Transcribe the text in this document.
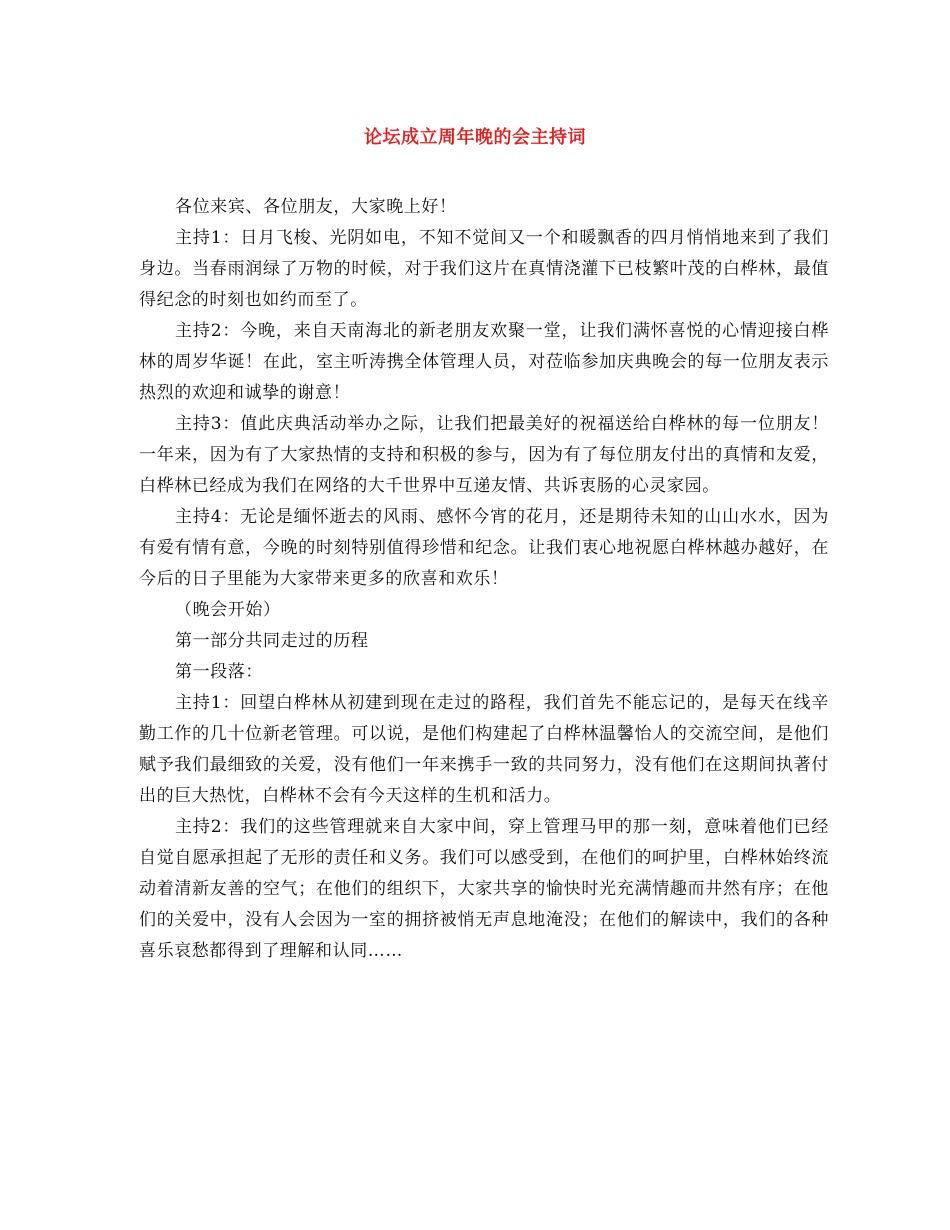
论坛成立周年晚的会主持词

各位来宾、各位朋友，大家晚上好！

主持1：日月飞梭、光阴如电，不知不觉间又一个和暖飘香的四月悄悄地来到了我们身边。当春雨润绿了万物的时候，对于我们这片在真情浇灌下已枝繁叶茂的白桦林，最值得纪念的时刻也如约而至了。

主持2：今晚，来自天南海北的新老朋友欢聚一堂，让我们满怀喜悦的心情迎接白桦林的周岁华诞！在此，室主听涛携全体管理人员，对莅临参加庆典晚会的每一位朋友表示热烈的欢迎和诚挚的谢意！

主持3：值此庆典活动举办之际，让我们把最美好的祝福送给白桦林的每一位朋友！一年来，因为有了大家热情的支持和积极的参与，因为有了每位朋友付出的真情和友爱，白桦林已经成为我们在网络的大千世界中互递友情、共诉衷肠的心灵家园。

主持4：无论是缅怀逝去的风雨、感怀今宵的花月，还是期待未知的山山水水，因为有爱有情有意，今晚的时刻特别值得珍惜和纪念。让我们衷心地祝愿白桦林越办越好，在今后的日子里能为大家带来更多的欣喜和欢乐！

（晚会开始）

第一部分共同走过的历程

第一段落：

主持1：回望白桦林从初建到现在走过的路程，我们首先不能忘记的，是每天在线辛勤工作的几十位新老管理。可以说，是他们构建起了白桦林温馨怡人的交流空间，是他们赋予我们最细致的关爱，没有他们一年来携手一致的共同努力，没有他们在这期间执著付出的巨大热忱，白桦林不会有今天这样的生机和活力。

主持2：我们的这些管理就来自大家中间，穿上管理马甲的那一刻，意味着他们已经自觉自愿承担起了无形的责任和义务。我们可以感受到，在他们的呵护里，白桦林始终流动着清新友善的空气；在他们的组织下，大家共享的愉快时光充满情趣而井然有序；在他们的关爱中，没有人会因为一室的拥挤被悄无声息地淹没；在他们的解读中，我们的各种喜乐哀愁都得到了理解和认同……
